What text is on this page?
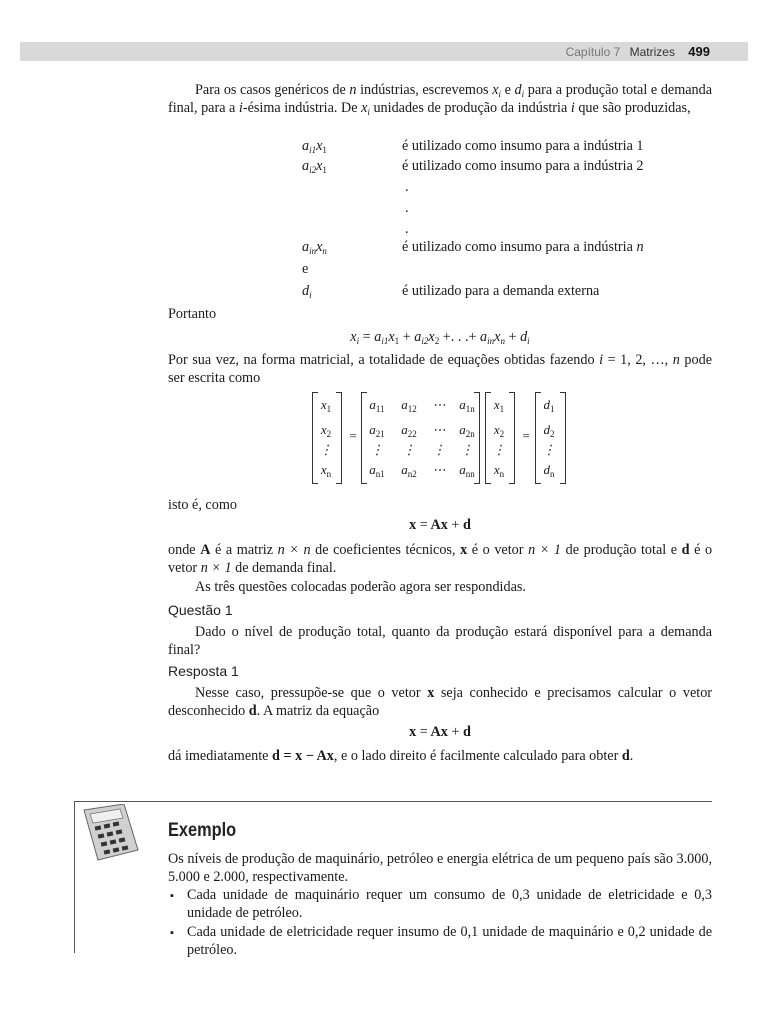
Capítulo 7 Matrizes 499
Para os casos genéricos de n indústrias, escrevemos $x_i$ e $d_i$ para a produção total e demanda final, para a i-ésima indústria. De $x_i$ unidades de produção da indústria i que são produzidas,
$a_{i1}x_1$	é utilizado como insumo para a indústria 1
$a_{i2}x_1$	é utilizado como insumo para a indústria 2
.
.
.
$a_{in}x_n$	é utilizado como insumo para a indústria n
e
$d_i$	é utilizado para a demanda externa
Portanto
$x_i = a_{i1}x_1 + a_{i2}x_2$ +. . .+ $a_{in}x_n + d_i$
Por sua vez, na forma matricial, a totalidade de equações obtidas fazendo i = 1, 2, …, n pode ser escrita como
$x_1$
$x_2$
⋮
$x_n$
=
$a_{11}$	$a_{12}$	⋯	$a_{1n}$
$a_{21}$	$a_{22}$	⋯	$a_{2n}$
⋮	⋮	⋮	⋮
$a_{n1}$	$a_{n2}$	⋯	$a_{nn}$
$x_1$
$x_2$
⋮
$x_n$
=
$d_1$
$d_2$
⋮
$d_n$
isto é, como
x = Ax + d
onde A é a matriz n × n de coeficientes técnicos, x é o vetor n × 1 de produção total e d é o vetor n × 1 de demanda final.
As três questões colocadas poderão agora ser respondidas.
Questão 1
Dado o nível de produção total, quanto da produção estará disponível para a demanda final?
Resposta 1
Nesse caso, pressupõe-se que o vetor x seja conhecido e precisamos calcular o vetor desconhecido d. A matriz da equação
x = Ax + d
dá imediatamente d = x − Ax, e o lado direito é facilmente calculado para obter d.
Exemplo
Os níveis de produção de maquinário, petróleo e energia elétrica de um pequeno país são 3.000, 5.000 e 2.000, respectivamente.
▪ Cada unidade de maquinário requer um consumo de 0,3 unidade de eletricidade e 0,3 unidade de petróleo.
▪ Cada unidade de eletricidade requer insumo de 0,1 unidade de maquinário e 0,2 unidade de petróleo.
